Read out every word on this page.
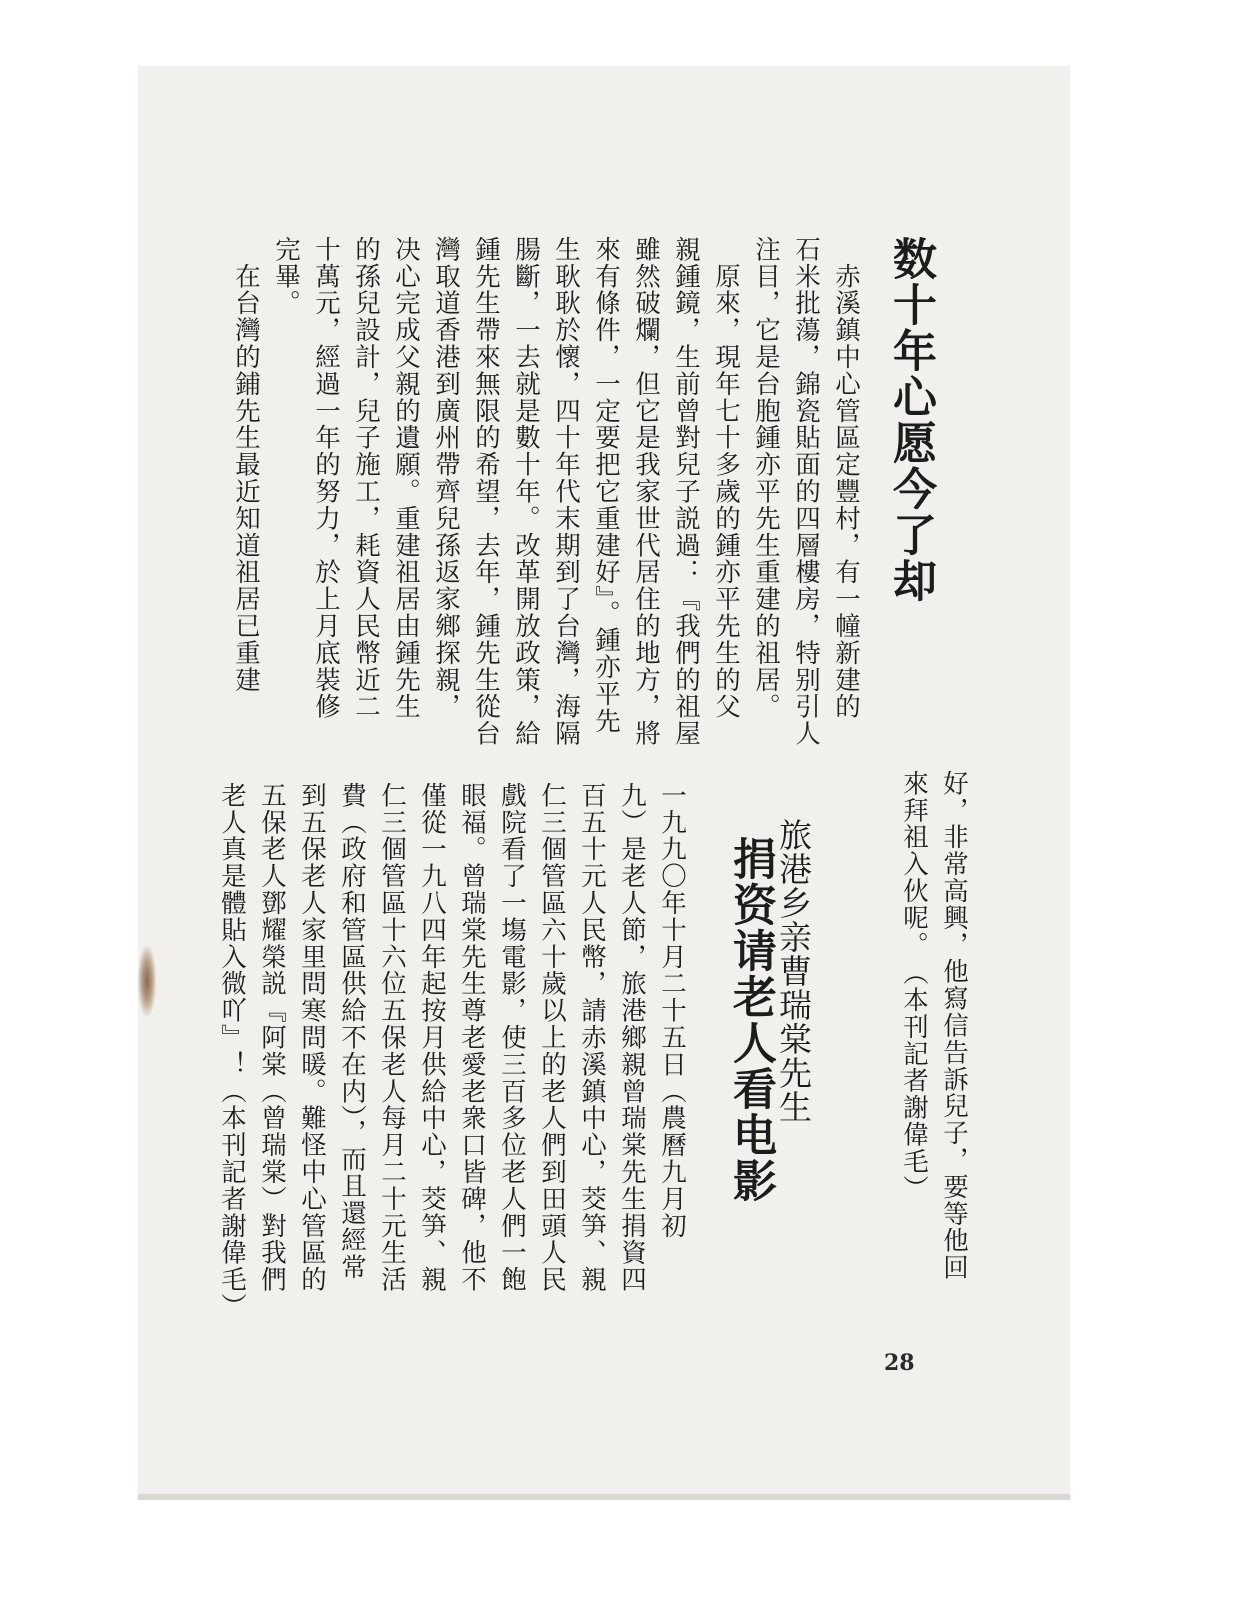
数十年心愿今了却
　赤溪鎮中心管區定豐村，有一幢新建的
石米批蕩，錦瓷貼面的四層樓房，特别引人
注目，它是台胞鍾亦平先生重建的祖居。
　原來，現年七十多歲的鍾亦平先生的父
親鍾鏡，生前曾對兒子説過：『我們的祖屋
雖然破爛，但它是我家世代居住的地方，將
來有條件，一定要把它重建好』。鍾亦平先
生耿耿於懷，四十年代末期到了台灣，海隔
腸斷，一去就是數十年。改革開放政策，給
鍾先生帶來無限的希望，去年，鍾先生從台
灣取道香港到廣州帶齊兒孫返家鄉探親，
决心完成父親的遺願。重建祖居由鍾先生
的孫兒設計，兒子施工，耗資人民幣近二
十萬元，經過一年的努力，於上月底裝修
完畢。
　在台灣的鋪先生最近知道祖居已重建
好，非常高興，他寫信告訴兒子，要等他回
來拜祖入伙呢。　（本刊記者謝偉毛）
旅港乡亲曹瑞棠先生
捐资请老人看电影
一九九〇年十月二十五日（農曆九月初
九）是老人節，旅港鄉親曾瑞棠先生捐資四
百五十元人民幣，請赤溪鎮中心，茭笋、親
仁三個管區六十歲以上的老人們到田頭人民
戲院看了一塲電影，使三百多位老人們一飽
眼福。曾瑞棠先生尊老愛老衆口皆碑，他不
僅從一九八四年起按月供給中心，茭笋、親
仁三個管區十六位五保老人每月二十元生活
費（政府和管區供給不在内），而且還經常
到五保老人家里問寒問暖。難怪中心管區的
五保老人鄧耀榮説『阿棠（曾瑞棠）對我們
老人真是體貼入微吖』！（本刊記者謝偉毛）
28
